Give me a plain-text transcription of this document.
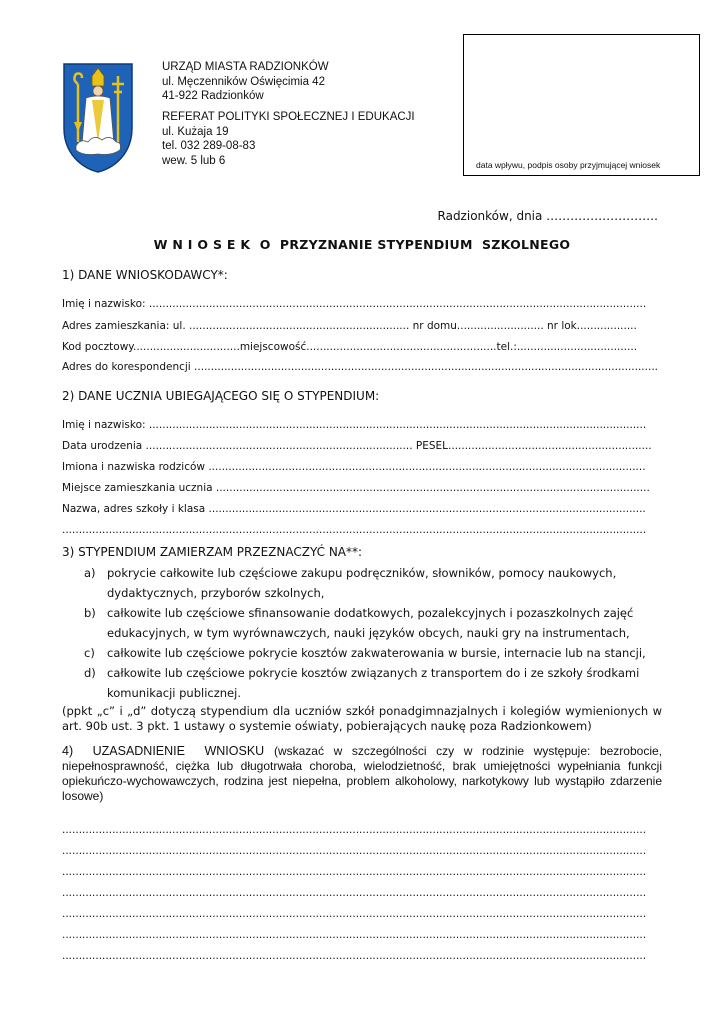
URZĄD MIASTA RADZIONKÓW
ul. Męczenników Oświęcimia 42
41-922 Radzionków
REFERAT POLITYKI SPOŁECZNEJ I EDUKACJI
ul. Kużaja 19
tel. 032 289-08-83
wew. 5 lub 6	data wpływu, podpis osoby przyjmującej wniosek
Radzionków, dnia ……………………….
W N I O S E K  O  PRZYZNANIE STYPENDIUM  SZKOLNEGO
1) DANE WNIOSKODAWCY*:
Imię i nazwisko: .....................................................................................................................................................
Adres zamieszkania: ul. .................................................................. nr domu.......................... nr lok..................
Kod pocztowy................................miejscowość.........................................................tel.:....................................
Adres do korespondencji ...........................................................................................................................................
2) DANE UCZNIA UBIEGAJĄCEGO SIĘ O STYPENDIUM:
Imię i nazwisko: .....................................................................................................................................................
Data urodzenia ................................................................................ PESEL.............................................................
Imiona i nazwiska rodziców ...................................................................................................................................
Miejsce zamieszkania ucznia ..................................................................................................................................
Nazwa, adres szkoły i klasa ...................................................................................................................................
...............................................................................................................................................................................
3) STYPENDIUM ZAMIERZAM PRZEZNACZYĆ NA**:
a) pokrycie całkowite lub częściowe zakupu podręczników, słowników, pomocy naukowych,
dydaktycznych, przyborów szkolnych,
b) całkowite lub częściowe sfinansowanie dodatkowych, pozalekcyjnych i pozaszkolnych zajęć
edukacyjnych, w tym wyrównawczych, nauki języków obcych, nauki gry na instrumentach,
c) całkowite lub częściowe pokrycie kosztów zakwaterowania w bursie, internacie lub na stancji,
d) całkowite lub częściowe pokrycie kosztów związanych z transportem do i ze szkoły środkami
komunikacji publicznej.
(ppkt „c” i „d” dotyczą stypendium dla uczniów szkół ponadgimnazjalnych i kolegiów wymienionych w art. 90b ust. 3 pkt. 1 ustawy o systemie oświaty, pobierających naukę poza Radzionkowem)
4)  UZASADNIENIE  WNIOSKU (wskazać w szczególności czy w rodzinie występuje: bezrobocie, niepełnosprawność, ciężka lub długotrwała choroba, wielodzietność, brak umiejętności wypełniania funkcji opiekuńczo-wychowawczych, rodzina jest niepełna, problem alkoholowy, narkotykowy lub wystąpiło zdarzenie losowe)
...............................................................................................................................................................................
...............................................................................................................................................................................
...............................................................................................................................................................................
...............................................................................................................................................................................
...............................................................................................................................................................................
...............................................................................................................................................................................
...............................................................................................................................................................................
